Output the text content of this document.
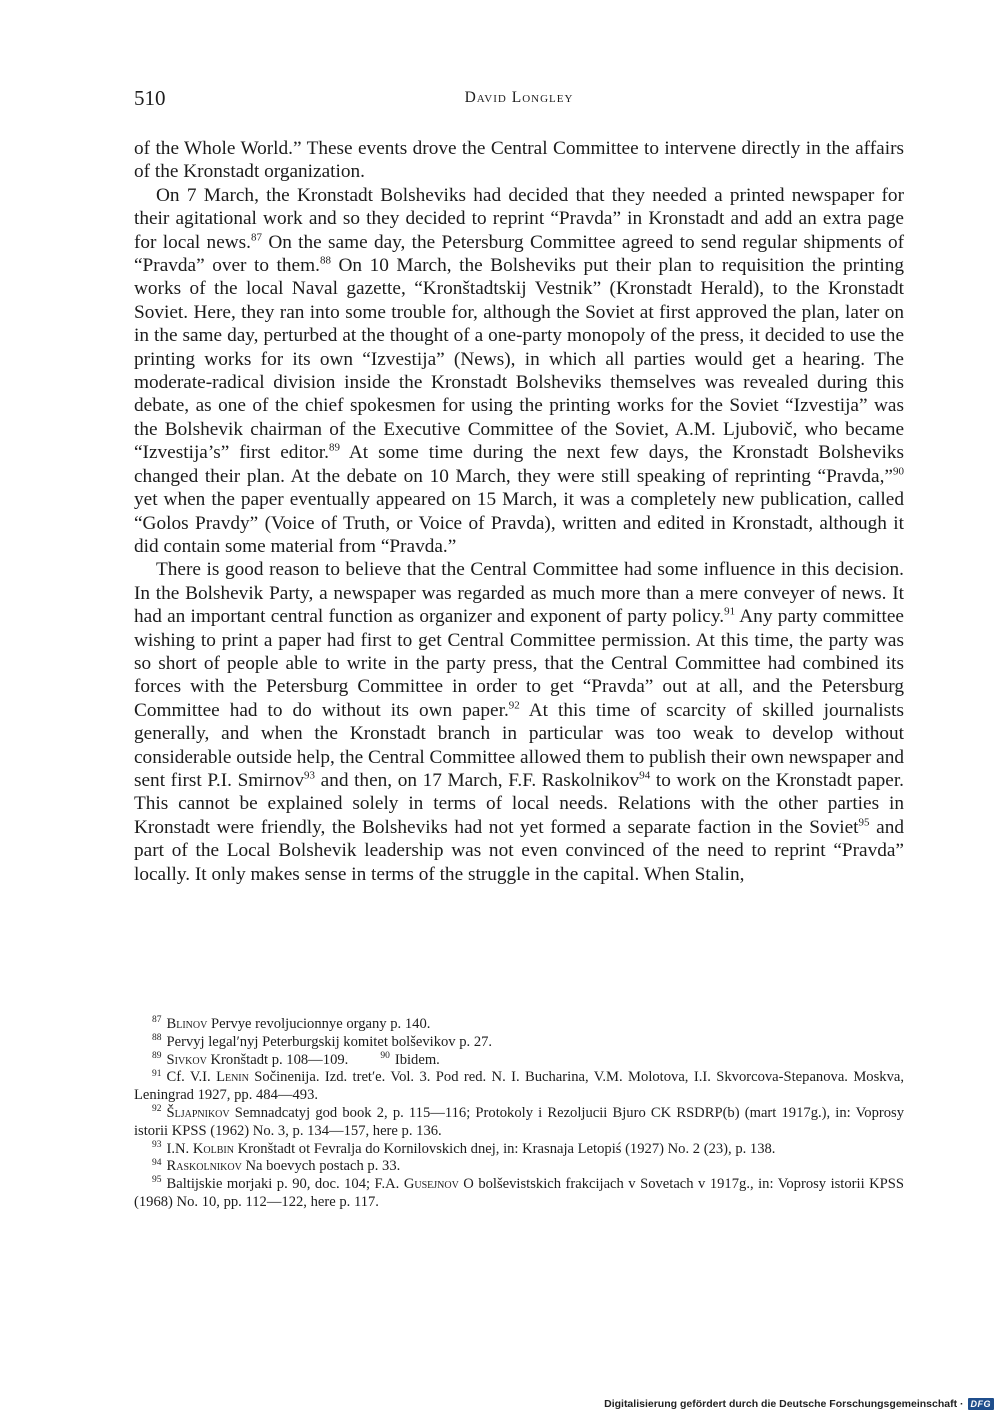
510	David Longley

of the Whole World.” These events drove the Central Committee to intervene directly in the affairs of the Kronstadt organization.

On 7 March, the Kronstadt Bolsheviks had decided that they needed a printed newspaper for their agitational work and so they decided to reprint “Pravda” in Kronstadt and add an extra page for local news.$^{87}$ On the same day, the Petersburg Committee agreed to send regular shipments of “Pravda” over to them.$^{88}$ On 10 March, the Bolsheviks put their plan to requisition the printing works of the local Naval gazette, “Kronštadtskij Vestnik” (Kronstadt Herald), to the Kronstadt Soviet. Here, they ran into some trouble for, although the Soviet at first approved the plan, later on in the same day, perturbed at the thought of a one-party monopoly of the press, it decided to use the printing works for its own “Izvestija” (News), in which all parties would get a hearing. The moderate-radical division inside the Kronstadt Bolsheviks themselves was revealed during this debate, as one of the chief spokesmen for using the printing works for the Soviet “Izvestija” was the Bolshevik chairman of the Executive Committee of the Soviet, A.M. Ljubovič, who became “Izvestija’s” first editor.$^{89}$ At some time during the next few days, the Kronstadt Bolsheviks changed their plan. At the debate on 10 March, they were still speaking of reprinting “Pravda,”$^{90}$ yet when the paper eventually appeared on 15 March, it was a completely new publication, called “Golos Pravdy” (Voice of Truth, or Voice of Pravda), written and edited in Kronstadt, although it did contain some material from “Pravda.”

There is good reason to believe that the Central Committee had some influence in this decision. In the Bolshevik Party, a newspaper was regarded as much more than a mere conveyer of news. It had an important central function as organizer and exponent of party policy.$^{91}$ Any party committee wishing to print a paper had first to get Central Committee permission. At this time, the party was so short of people able to write in the party press, that the Central Committee had combined its forces with the Petersburg Committee in order to get “Pravda” out at all, and the Petersburg Committee had to do without its own paper.$^{92}$ At this time of scarcity of skilled journalists generally, and when the Kronstadt branch in particular was too weak to develop without considerable outside help, the Central Committee allowed them to publish their own newspaper and sent first P.I. Smirnov$^{93}$ and then, on 17 March, F.F. Raskolnikov$^{94}$ to work on the Kronstadt paper. This cannot be explained solely in terms of local needs. Relations with the other parties in Kronstadt were friendly, the Bolsheviks had not yet formed a separate faction in the Soviet$^{95}$ and part of the Local Bolshevik leadership was not even convinced of the need to reprint “Pravda” locally. It only makes sense in terms of the struggle in the capital. When Stalin,

$^{87}$ Blinov Pervye revoljucionnye organy p. 140.

$^{88}$ Pervyj legalʹnyj Peterburgskij komitet bolševikov p. 27.

$^{89}$ Sivkov Kronštadt p. 108—109.	$^{90}$ Ibidem.

$^{91}$ Cf. V.I. Lenin Sočinenija. Izd. tretʹe. Vol. 3. Pod red. N. I. Bucharina, V.M. Molotova, I.I. Skvorcova-Stepanova. Moskva, Leningrad 1927, pp. 484—493.

$^{92}$ Šljapnikov Semnadcatyj god book 2, p. 115—116; Protokoly i Rezoljucii Bjuro CK RSDRP(b) (mart 1917g.), in: Voprosy istorii KPSS (1962) No. 3, p. 134—157, here p. 136.

$^{93}$ I.N. Kolbin Kronštadt ot Fevralja do Kornilovskich dnej, in: Krasnaja Letopiś (1927) No. 2 (23), p. 138.

$^{94}$ Raskolnikov Na boevych postach p. 33.

$^{95}$ Baltijskie morjaki p. 90, doc. 104; F.A. Gusejnov O bolševistskich frakcijach v Sovetach v 1917g., in: Voprosy istorii KPSS (1968) No. 10, pp. 112—122, here p. 117.

Digitalisierung gefördert durch die Deutsche Forschungsgemeinschaft · DFG
